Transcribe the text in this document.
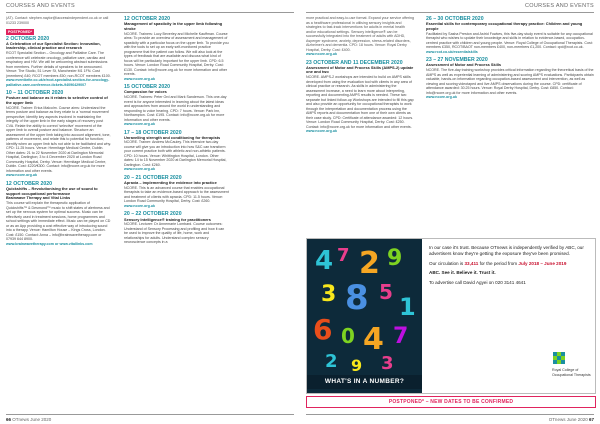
COURSES AND EVENTS	COURSES AND EVENTS
(AT). Contact: stephen.naylor@iaccessindependent.co.uk or call 01233 239000
POSTPONED*
2 OCTOBER 2020
A Celebration of our Specialist Section: Innovation, leadership, clinical practice and research
RCOT Specialist Section – Oncology and Palliative Care. The conference will celebrate oncology, palliative care, cardiac and respiratory and HIV. We will be welcoming abstract submissions from members. Further details of speakers to be announced. Venue: The Studio, 51 Lever St, Manchester M1 1FN. Cost (members) £40; RCOT members £50; non-RCOT members £100.
www.eventbrite.co.uk/e/rcot-specialist-section-for-oncology-palliative-care-conference-tickets-94096429007
10 – 11 OCTOBER 2020
Posture and balance as it relates to selective control of the upper limb
NCORE. Trainer: Erica Malcolm. Course aims: Understand the terms posture and balance as they relate to a 'normal movement' perspective; identify key aspects involved in maintaining the integrity of the upper limb in the early stages of recovery post CVA. Relate the ability to correct 'selective' movement of the upper limb to overall posture and balance. Structure an assessment of the upper limb taking into account alignment, tone, patterns of movement, and relate this to potential for function; identify when an upper limb is/is not able to be facilitated and why. CPD: 11.25 hours. Venue: Hermitage Medical Centre, Dublin. Other dates: 21 to 22 November 2020 at Darlington Memorial Hospital, Darlington; 3 to 4 December 2020 at London Road Community Hospital, Derby. Venue: Hermitage Medical Centre, Dublin. Cost: £220/€300. Contact: info@ncore.org.uk for more information and other events.
www.ncore.org.uk
12 OCTOBER 2020
Quickshifts – Revolutionising the use of sound to support occupational performance
Brainwave Therapy and Vital Links
This course will explain the therapeutic application of Quickshifts™ & Desmond™ music to shift states of alertness and set up the nervous system for optimal success. Music can be effectively used in treatment sessions, home programmes and school settings with immediate effect. Music can be played on CD or as an App providing a cost effective way of introducing sound into a therapy. Venue: Hamilton House – Kings Cross, London. Cost: £150. Contact: Anna – info@brainwavetherapy.com or 07939 644 8900.
www.brainwavetherapy.com or www.vitallinks.com
12 OCTOBER 2020
Management of spasticity in the upper limb following stroke
NCORE. Trainers: Lucy Beverley and Michelle Kauffman. Course aims: To provide an overview of assessment and management of spasticity with a particular focus on the upper limb. To provide you with the tools to set up an early self-monitored practice programme that the patient can follow. We will also look at the types of feedback that are available and discuss what kind of focus will be particularly important for the upper limb. CPD: 6.5 hours. Venue: London Road Community Hospital, Derby. Cost: £130. Contact: info@ncore.org.uk for more information and other events.
www.ncore.org.uk
15 OCTOBER 2020
Compassion for voices
NCORE. Trainers: Peter Ord and Mark Sanderson. This one-day event is for anyone interested in learning about the latest ideas and approaches from around the world in understanding and responding to voice hearing. CPD: 7 hours. Venue: Park Inn, Northampton. Cost: £195. Contact: info@ncore.org.uk for more information and other events.
www.ncore.org.uk
17 – 18 OCTOBER 2020
Unravelling strength and conditioning for therapists
NCORE. Trainer: Andrew McCauley. This intensive two-day course will give you an introduction into how S&C can transform your current practice both with athletic and non-athletic patients. CPD: 10 hours. Venue: Whittington Hospital, London. Other dates: 14 to 15 November 2020 at Darlington Memorial Hospital, Darlington. Cost: £260.
www.ncore.org.uk
20 – 21 OCTOBER 2020
Apraxia – implementing the evidence into practice
NCORE. This is an advanced course that enables occupational therapists to take an evidence-based approach to the assessment and treatment of clients with apraxia. CPD: 11.5 hours. Venue: London Road Community Hospital, Derby. Cost: £260.
www.ncore.org.uk
20 – 22 OCTOBER 2020
Sensory Intelligence® training for practitioners
NCORE. Lecturer: Dr Annemarie Lombard. Course outcomes: Understand of Sensory Processing and profiling and how it can be used to improve the quality of life, home, work and relationships for adults. Understand complex sensory neuroscience concepts in a
more practical and easy-to-use format. Expand your service offering as a healthcare professional in utilising sensory insights and strategies to fast-track interventions for adults in mental health and/or educational settings. Sensory intelligence® can be successfully integrated into the treatment of adults with ADHD, Asperger syndrome, anxiety, depression, stress-related disorders, Alzheimer's and dementia. CPD: 18 hours. Venue: Royal Derby Hospital, Derby. Cost: £400.
www.ncore.org.uk
23 OCTOBER AND 11 DECEMBER 2020
Assessment of Motor and Process Skills (AMPS-2) update one and two
NCORE. AMPS-2 workshops are intended to build on AMPS skills developed from using the evaluation tool with clients in any area of clinical practice or research. As skills in administering the assessment increase, a need to learn more about interpreting, reporting and documenting AMPS results is needed. These two separate but linked follow-up Workshops are intended to fill this gap and also provide an opportunity for occupational therapists to work through the interpretation and documentation process using the AMPS reports and documentation from one of their own clients as their case study. CPD: Certificate of attendance awarded: 12 hours. Venue: London Road Community Hospital, Derby. Cost: £250. Contact: info@ncore.org.uk for more information and other events.
www.ncore.org.uk
26 – 30 OCTOBER 2020
Essential skills for contemporary occupational therapy practice: Children and young people
Facilitated by Sasha Preston and Astrid Fowkes, this five-day study event is suitable for any occupational therapist who wishes to update their knowledge and skills in relation to evidence-based, occupation-centred practice with children and young people. Venue: Royal College of Occupational Therapists. Cost: members £350, RCOT/BAOT non-members £400, non-members £1,200. Contact: cpd@rcot.co.uk.
www.rcot.co.uk/essentialskills
23 – 27 NOVEMBER 2020
Assessment of Motor and Process Skills
NCORE. The five-day training workshop provides critical information regarding the theoretical basis of the AMPS as well as experiential learning of administering and scoring AMPS evaluations. Participants obtain valuable, hands-on information regarding occupation-based assessment and intervention, as well as viewing and scoring videotaped and live AMPS observations during the course. CPD: certificate of attendance awarded: 30.25 hours. Venue: Royal Derby Hospital, Derby. Cost: £850. Contact: info@ncore.org.uk for more information and other events.
www.ncore.org.uk
4 7 2 9
3 8 5
1
6 0 4 7
2 9 3
WHAT'S IN A NUMBER?

In our case it's trust. Because OTnews is independently verified by ABC, our advertisers know they're getting the exposure they've been promised.

Our circulation is 33,411 for the period from July 2018 – June 2019

ABC. See it. Believe it. Trust it.

To advertise call David Agyei on 020 3141 4641

Royal College of Occupational Therapists
POSTPONED* – NEW DATES TO BE CONFIRMED
66 OTnews June 2020	OTnews June 2020 67
